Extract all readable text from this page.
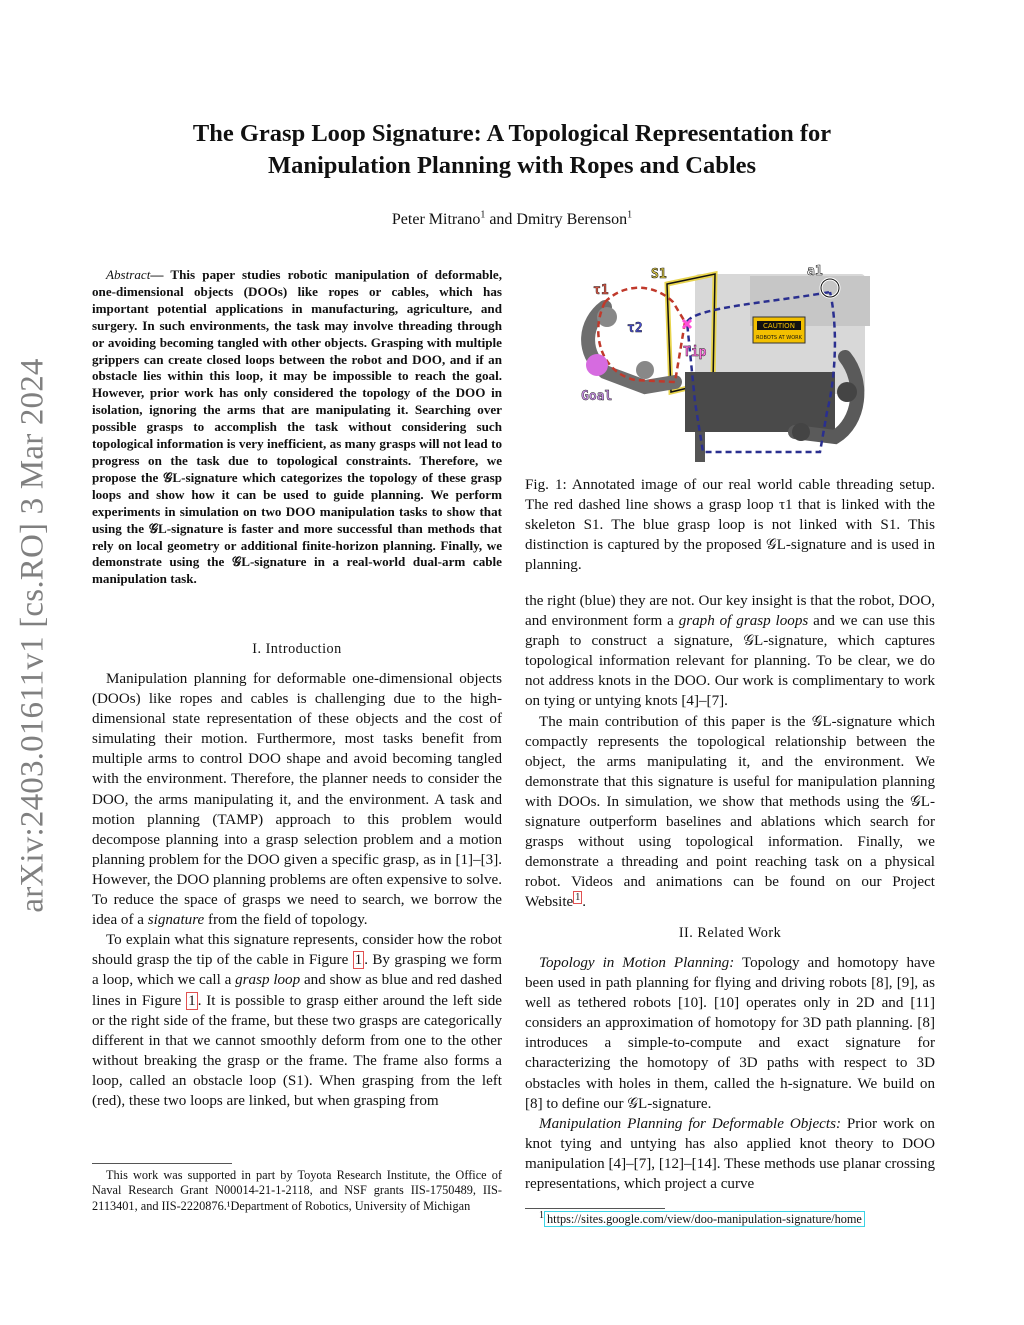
arXiv:2403.01611v1 [cs.RO] 3 Mar 2024
The Grasp Loop Signature: A Topological Representation for
Manipulation Planning with Ropes and Cables
Peter Mitrano$^1$ and Dmitry Berenson$^1$

Abstract— This paper studies robotic manipulation of deformable, one-dimensional objects (DOOs) like ropes or cables, which has important potential applications in manufacturing, agriculture, and surgery. In such environments, the task may involve threading through or avoiding becoming tangled with other objects. Grasping with multiple grippers can create closed loops between the robot and DOO, and if an obstacle lies within this loop, it may be impossible to reach the goal. However, prior work has only considered the topology of the DOO in isolation, ignoring the arms that are manipulating it. Searching over possible grasps to accomplish the task without considering such topological information is very inefficient, as many grasps will not lead to progress on the task due to topological constraints. Therefore, we propose the 𝒢L-signature which categorizes the topology of these grasp loops and show how it can be used to guide planning. We perform experiments in simulation on two DOO manipulation tasks to show that using the 𝒢L-signature is faster and more successful than methods that rely on local geometry or additional finite-horizon planning. Finally, we demonstrate using the 𝒢L-signature in a real-world dual-arm cable manipulation task.

I. Introduction

Manipulation planning for deformable one-dimensional objects (DOOs) like ropes and cables is challenging due to the high-dimensional state representation of these objects and the cost of simulating their motion. Furthermore, most tasks benefit from multiple arms to control DOO shape and avoid becoming tangled with the environment. Therefore, the planner needs to consider the DOO, the arms manipulating it, and the environment. A task and motion planning (TAMP) approach to this problem would decompose planning into a grasp selection problem and a motion planning problem for the DOO given a specific grasp, as in [1]–[3]. However, the DOO planning problems are often expensive to solve. To reduce the space of grasps we need to search, we borrow the idea of a signature from the field of topology.

To explain what this signature represents, consider how the robot should grasp the tip of the cable in Figure 1 . By grasping we form a loop, which we call a grasp loop and show as blue and red dashed lines in Figure 1 . It is possible to grasp either around the left side or the right side of the frame, but these two grasps are categorically different in that we cannot smoothly deform from one to the other without breaking the grasp or the frame. The frame also forms a loop, called an obstacle loop (S1). When grasping from the left (red), these two loops are linked, but when grasping from

This work was supported in part by Toyota Research Institute, the Office of Naval Research Grant N00014-21-1-2118, and NSF grants IIS-1750489, IIS-2113401, and IIS-2220876.¹Department of Robotics, University of Michigan
CAUTION
ROBOTS AT WORK
S1	a1
τ1
τ2
Tip
Goal

Fig. 1: Annotated image of our real world cable threading setup. The red dashed line shows a grasp loop τ1 that is linked with the skeleton S1. The blue grasp loop is not linked with S1. This distinction is captured by the proposed 𝒢L-signature and is used in planning.

the right (blue) they are not. Our key insight is that the robot, DOO, and environment form a graph of grasp loops and we can use this graph to construct a signature, 𝒢L-signature, which captures topological information relevant for planning. To be clear, we do not address knots in the DOO. Our work is complimentary to work on tying or untying knots [4]–[7].

The main contribution of this paper is the 𝒢L-signature which compactly represents the topological relationship between the object, the arms manipulating it, and the environment. We demonstrate that this signature is useful for manipulation planning with DOOs. In simulation, we show that methods using the 𝒢L-signature outperform baselines and ablations which search for grasps without using topological information. Finally, we demonstrate a threading and point reaching task on a physical robot. Videos and animations can be found on our Project Website $^1$ .

II. Related Work

Topology in Motion Planning: Topology and homotopy have been used in path planning for flying and driving robots [8], [9], as well as tethered robots [10]. [10] operates only in 2D and [11] considers an approximation of homotopy for 3D path planning. [8] introduces a simple-to-compute and exact signature for characterizing the homotopy of 3D paths with respect to 3D obstacles with holes in them, called the h-signature. We build on [8] to define our 𝒢L-signature.

Manipulation Planning for Deformable Objects: Prior work on knot tying and untying has also applied knot theory to DOO manipulation [4]–[7], [12]–[14]. These methods use planar crossing representations, which project a curve

$^1$ https://sites.google.com/view/doo-manipulation-signature/home
